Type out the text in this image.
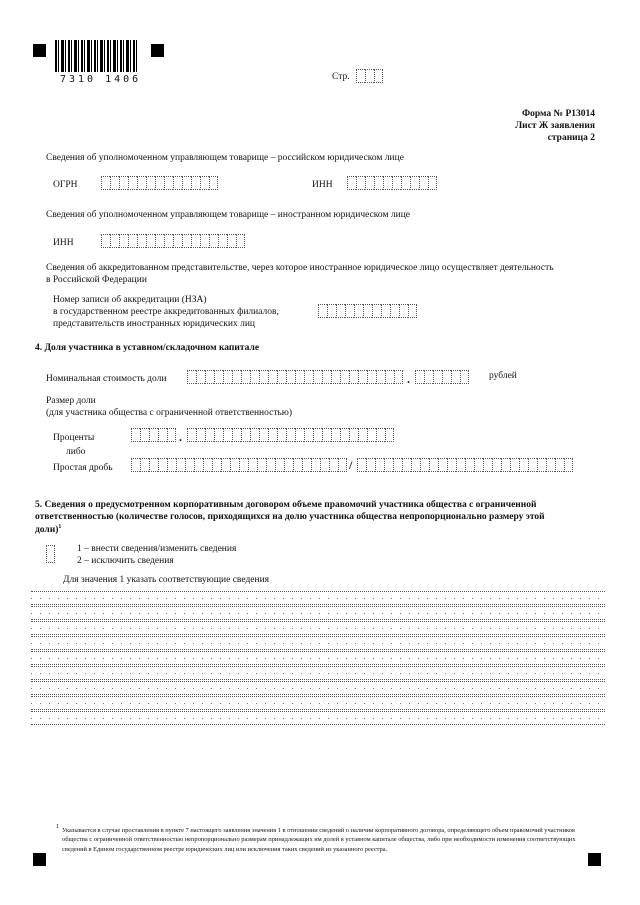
7310 1406	Стр.
Форма № Р13014
Лист Ж заявления
страница 2
Сведения об уполномоченном управляющем товарище – российском юридическом лице
ОГРН	ИНН
Сведения об уполномоченном управляющем товарище – иностранном юридическом лице
ИНН
Сведения об аккредитованном представительстве, через которое иностранное юридическое лицо осуществляет деятельность
в Российской Федерации
Номер записи об аккредитации (НЗА)
в государственном реестре аккредитованных филиалов,
представительств иностранных юридических лиц
4. Доля участника в уставном/складочном капитале
Номинальная стоимость доли	.	рублей
Размер доли
(для участника общества с ограниченной ответственностью)
Проценты	.
либо
Простая дробь	/
5. Сведения о предусмотренном корпоративным договором объеме правомочий участника общества с ограниченной
ответственностью (количестве голосов, приходящихся на долю участника общества непропорционально размеру этой
доли)$^1$
1 – внести сведения/изменить сведения
2 – исключить сведения
Для значения 1 указать соответствующие сведения
1
Указывается в случае проставления в пункте 7 настоящего заявления значения 1 в отношении сведений о наличии корпоративного договора, определяющего объем правомочий участников общества с ограниченной ответственностью непропорционально размерам принадлежащих им долей в уставном капитале общества, либо при необходимости изменения соответствующих сведений в Едином государственном реестре юридических лиц или исключения таких сведений из указанного реестра.
